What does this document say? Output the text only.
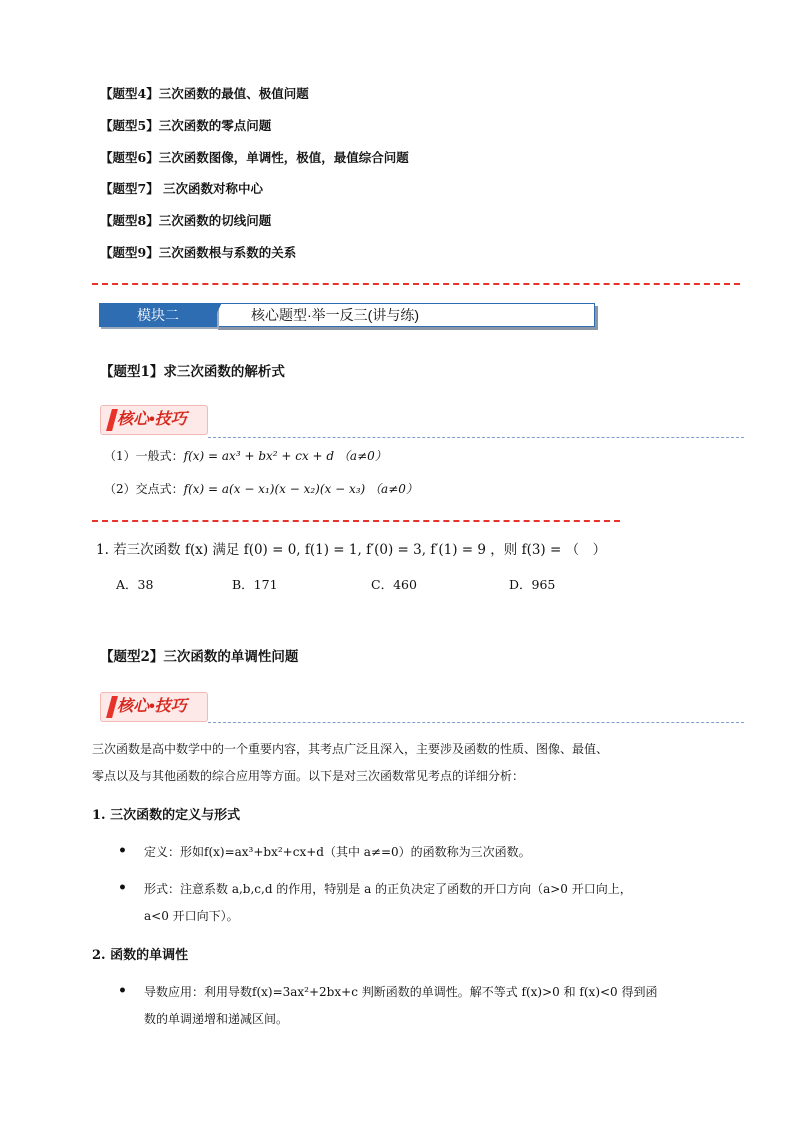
【题型4】三次函数的最值、极值问题
【题型5】三次函数的零点问题
【题型6】三次函数图像，单调性，极值，最值综合问题
【题型7】 三次函数对称中心
【题型8】三次函数的切线问题
【题型9】三次函数根与系数的关系
核心题型·举一反三(讲与练)
模块二
【题型1】求三次函数的解析式
核心•技巧
（1）一般式：f(x) = ax³ + bx² + cx + d （a≠0）
（2）交点式：f(x) = a(x − x₁)(x − x₂)(x − x₃) （a≠0）
1. 若三次函数 f(x) 满足 f(0) = 0, f(1) = 1, f′(0) = 3, f′(1) = 9 ，则 f(3) = （　）
A．38	B．171	C．460	D．965
【题型2】三次函数的单调性问题
核心•技巧
三次函数是高中数学中的一个重要内容，其考点广泛且深入，主要涉及函数的性质、图像、最值、
零点以及与其他函数的综合应用等方面。以下是对三次函数常见考点的详细分析：
1. 三次函数的定义与形式
• 定义：形如f(x)=ax³+bx²+cx+d（其中 a≠=0）的函数称为三次函数。
• 形式：注意系数 a,b,c,d 的作用，特别是 a 的正负决定了函数的开口方向（a>0 开口向上，
a<0 开口向下）。
2. 函数的单调性
• 导数应用：利用导数f(x)=3ax²+2bx+c 判断函数的单调性。解不等式 f(x)>0 和 f(x)<0 得到函
数的单调递增和递减区间。
